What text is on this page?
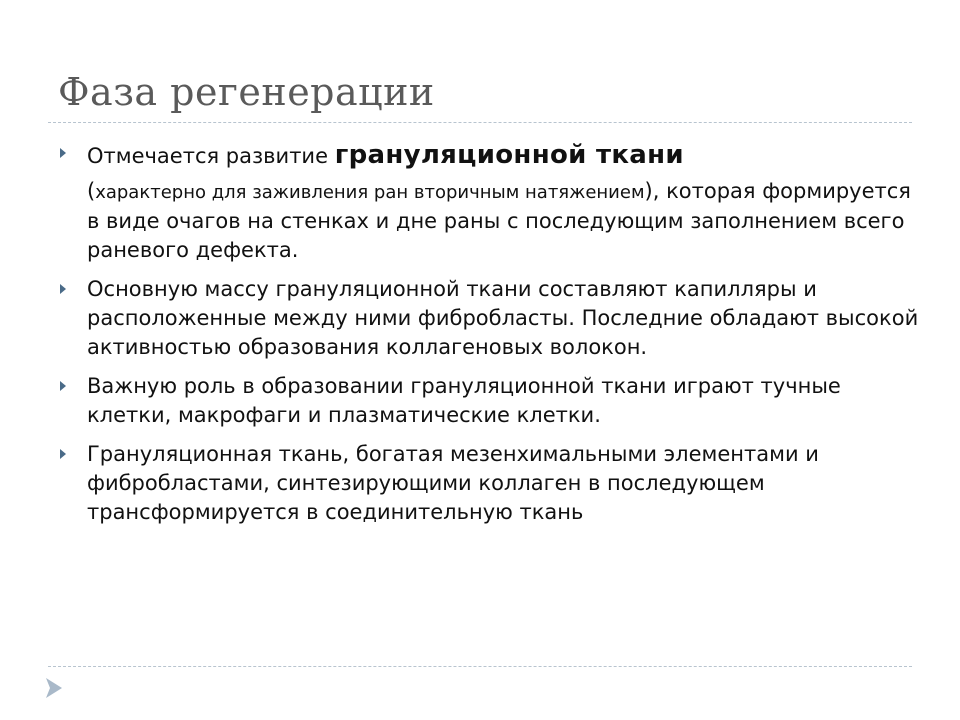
Фаза регенерации
Отмечается развитие грануляционной ткани
(характерно для заживления ран вторичным натяжением), которая формируется в виде очагов на стенках и дне раны с последующим заполнением всего раневого дефекта.
Основную массу грануляционной ткани составляют капилляры и расположенные между ними фибробласты. Последние обладают высокой активностью образования коллагеновых волокон.
Важную роль в образовании грануляционной ткани играют тучные клетки, макрофаги и плазматические клетки.
Грануляционная ткань, богатая мезенхимальными элементами и фибробластами, синтезирующими коллаген в последующем трансформируется в соединительную ткань
